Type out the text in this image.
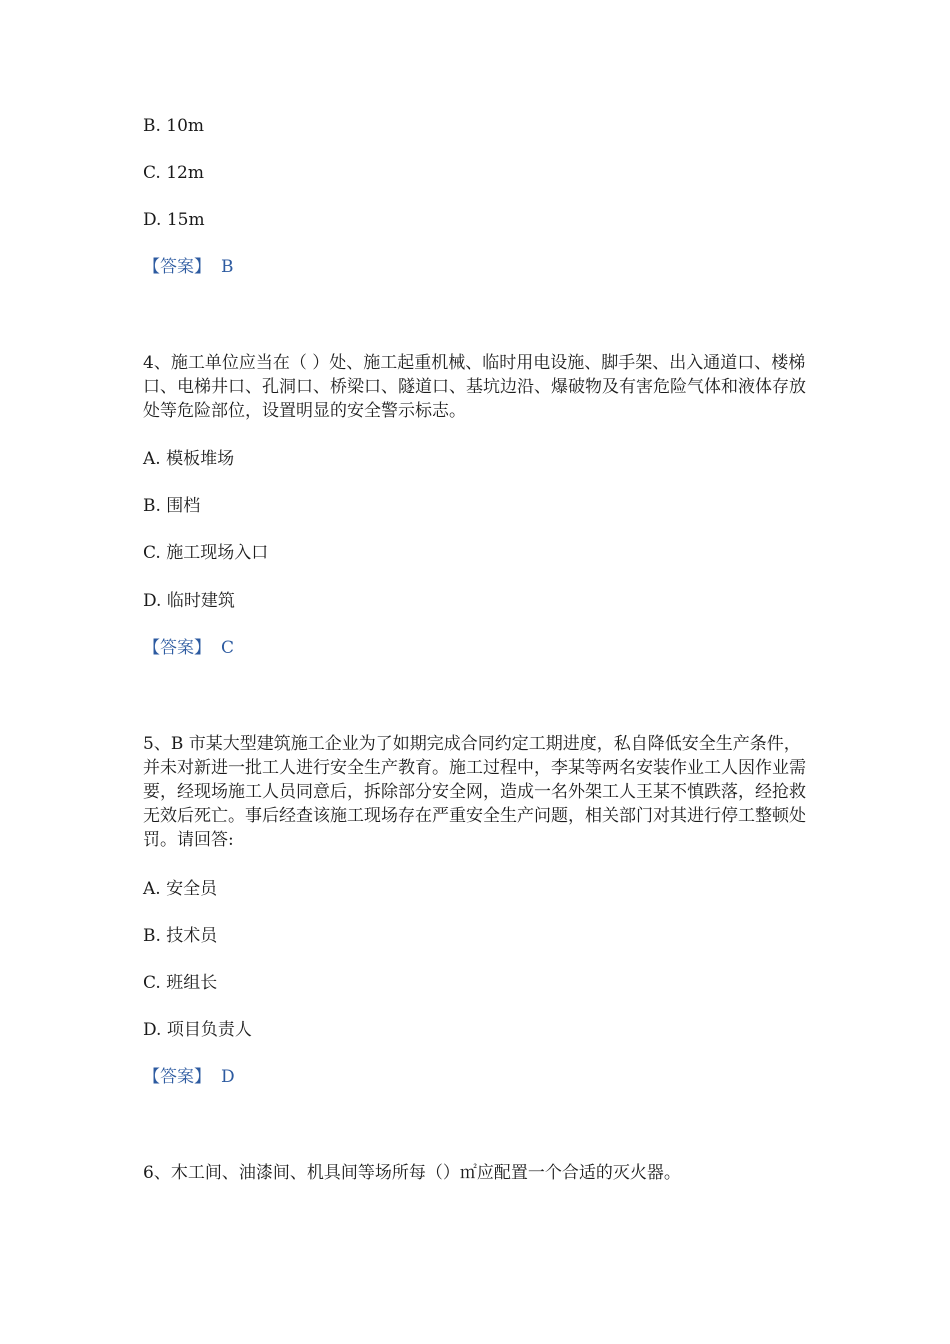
B. 10m
C. 12m
D. 15m
【答案】 B
4、施工单位应当在（ ）处、施工起重机械、临时用电设施、脚手架、出入通道口、楼梯口、电梯井口、孔洞口、桥梁口、隧道口、基坑边沿、爆破物及有害危险气体和液体存放处等危险部位，设置明显的安全警示标志。
A. 模板堆场
B. 围档
C. 施工现场入口
D. 临时建筑
【答案】 C
5、B 市某大型建筑施工企业为了如期完成合同约定工期进度，私自降低安全生产条件，并未对新进一批工人进行安全生产教育。施工过程中，李某等两名安装作业工人因作业需要，经现场施工人员同意后，拆除部分安全网，造成一名外架工人王某不慎跌落，经抢救无效后死亡。事后经查该施工现场存在严重安全生产问题，相关部门对其进行停工整顿处罚。请回答:
A. 安全员
B. 技术员
C. 班组长
D. 项目负责人
【答案】 D
6、木工间、油漆间、机具间等场所每（）㎡应配置一个合适的灭火器。
